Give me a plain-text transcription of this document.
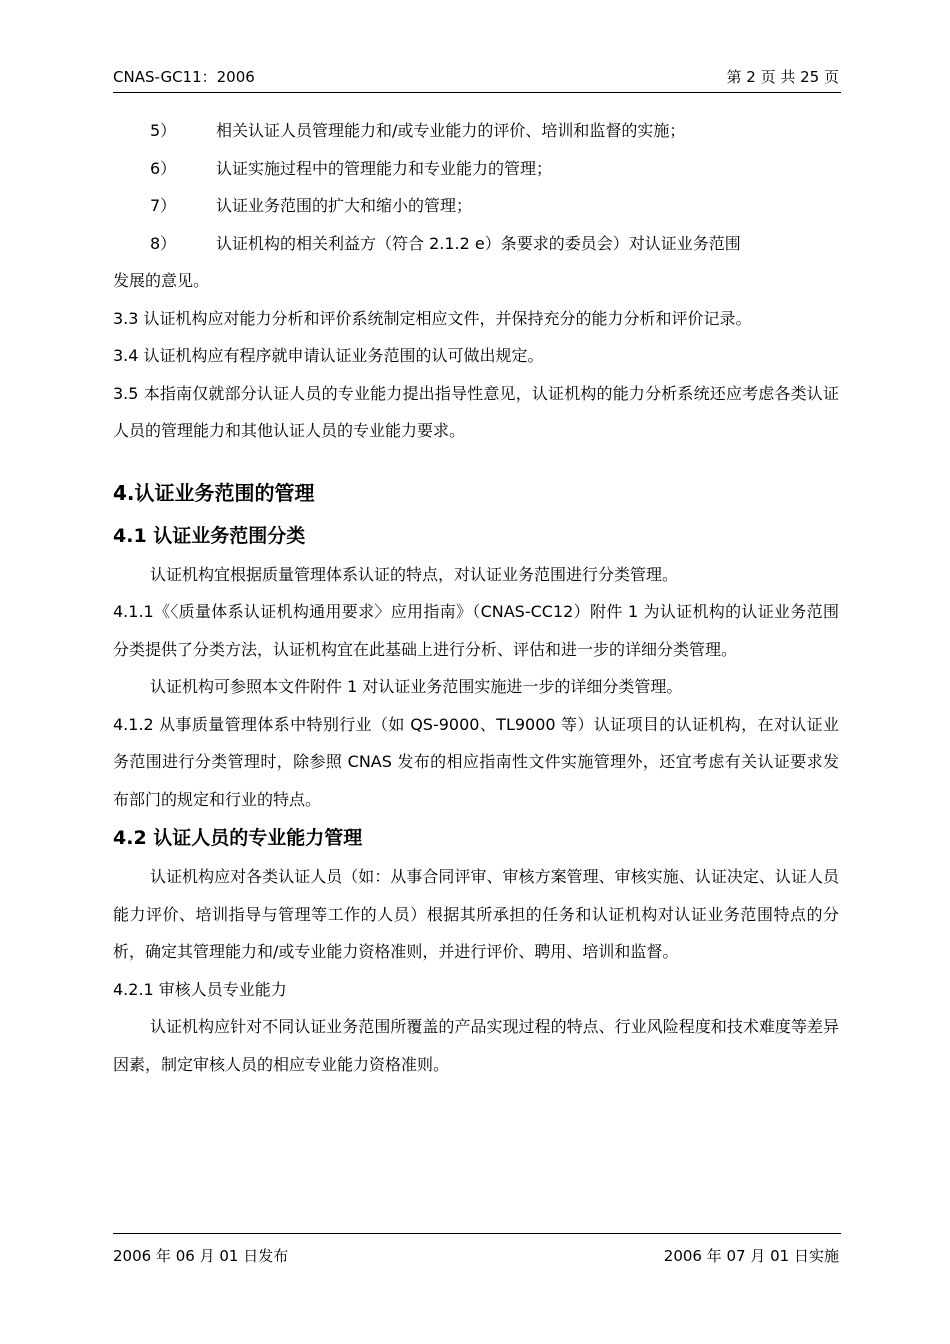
CNAS-GC11：2006	第 2 页 共 25 页
5） 相关认证人员管理能力和/或专业能力的评价、培训和监督的实施；
6） 认证实施过程中的管理能力和专业能力的管理；
7） 认证业务范围的扩大和缩小的管理；
8） 认证机构的相关利益方（符合 2.1.2 e）条要求的委员会）对认证业务范围

发展的意见。

3.3 认证机构应对能力分析和评价系统制定相应文件，并保持充分的能力分析和评价记录。

3.4 认证机构应有程序就申请认证业务范围的认可做出规定。

3.5 本指南仅就部分认证人员的专业能力提出指导性意见，认证机构的能力分析系统还应考虑各类认证人员的管理能力和其他认证人员的专业能力要求。

4.认证业务范围的管理
4.1 认证业务范围分类

认证机构宜根据质量管理体系认证的特点，对认证业务范围进行分类管理。

4.1.1《〈质量体系认证机构通用要求〉应用指南》（CNAS-CC12）附件 1 为认证机构的认证业务范围分类提供了分类方法，认证机构宜在此基础上进行分析、评估和进一步的详细分类管理。

认证机构可参照本文件附件 1 对认证业务范围实施进一步的详细分类管理。

4.1.2 从事质量管理体系中特别行业（如 QS-9000、TL9000 等）认证项目的认证机构，在对认证业务范围进行分类管理时，除参照 CNAS 发布的相应指南性文件实施管理外，还宜考虑有关认证要求发布部门的规定和行业的特点。

4.2 认证人员的专业能力管理

认证机构应对各类认证人员（如：从事合同评审、审核方案管理、审核实施、认证决定、认证人员能力评价、培训指导与管理等工作的人员）根据其所承担的任务和认证机构对认证业务范围特点的分析，确定其管理能力和/或专业能力资格准则，并进行评价、聘用、培训和监督。

4.2.1 审核人员专业能力

认证机构应针对不同认证业务范围所覆盖的产品实现过程的特点、行业风险程度和技术难度等差异因素，制定审核人员的相应专业能力资格准则。

2006 年 06 月 01 日发布	2006 年 07 月 01 日实施
